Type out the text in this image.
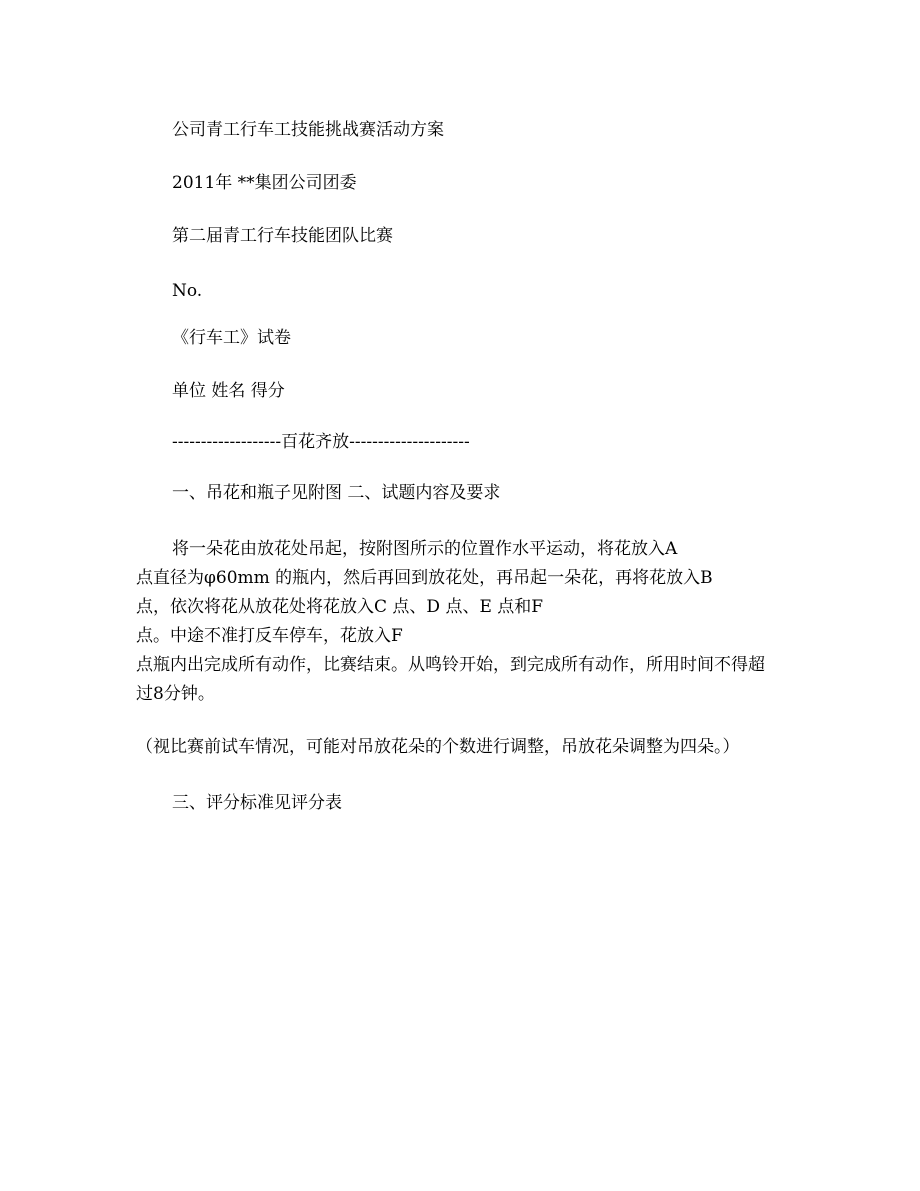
公司青工行车工技能挑战赛活动方案
2011年 **集团公司团委
第二届青工行车技能团队比赛
No.
《行车工》试卷
单位 姓名 得分
-------------------百花齐放---------------------
一、吊花和瓶子见附图 二、试题内容及要求
将一朵花由放花处吊起，按附图所示的位置作水平运动，将花放入A
点直径为φ60mm 的瓶内，然后再回到放花处，再吊起一朵花，再将花放入B
点，依次将花从放花处将花放入C 点、D 点、E 点和F
点。中途不准打反车停车，花放入F
点瓶内出完成所有动作，比赛结束。从鸣铃开始，到完成所有动作，所用时间不得超
过8分钟。
（视比赛前试车情况，可能对吊放花朵的个数进行调整，吊放花朵调整为四朵。）
三、评分标准见评分表
